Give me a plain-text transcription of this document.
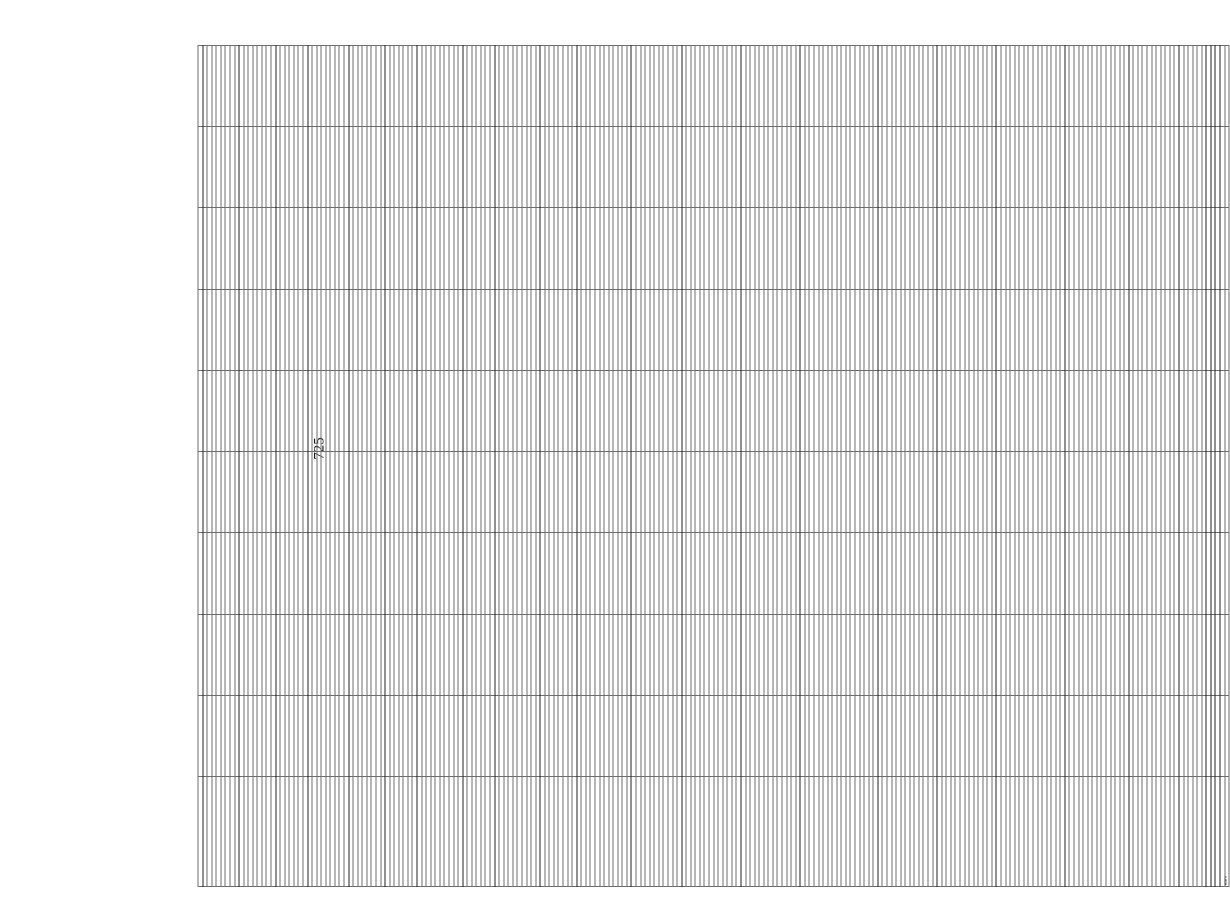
725

ВСЕГО									
